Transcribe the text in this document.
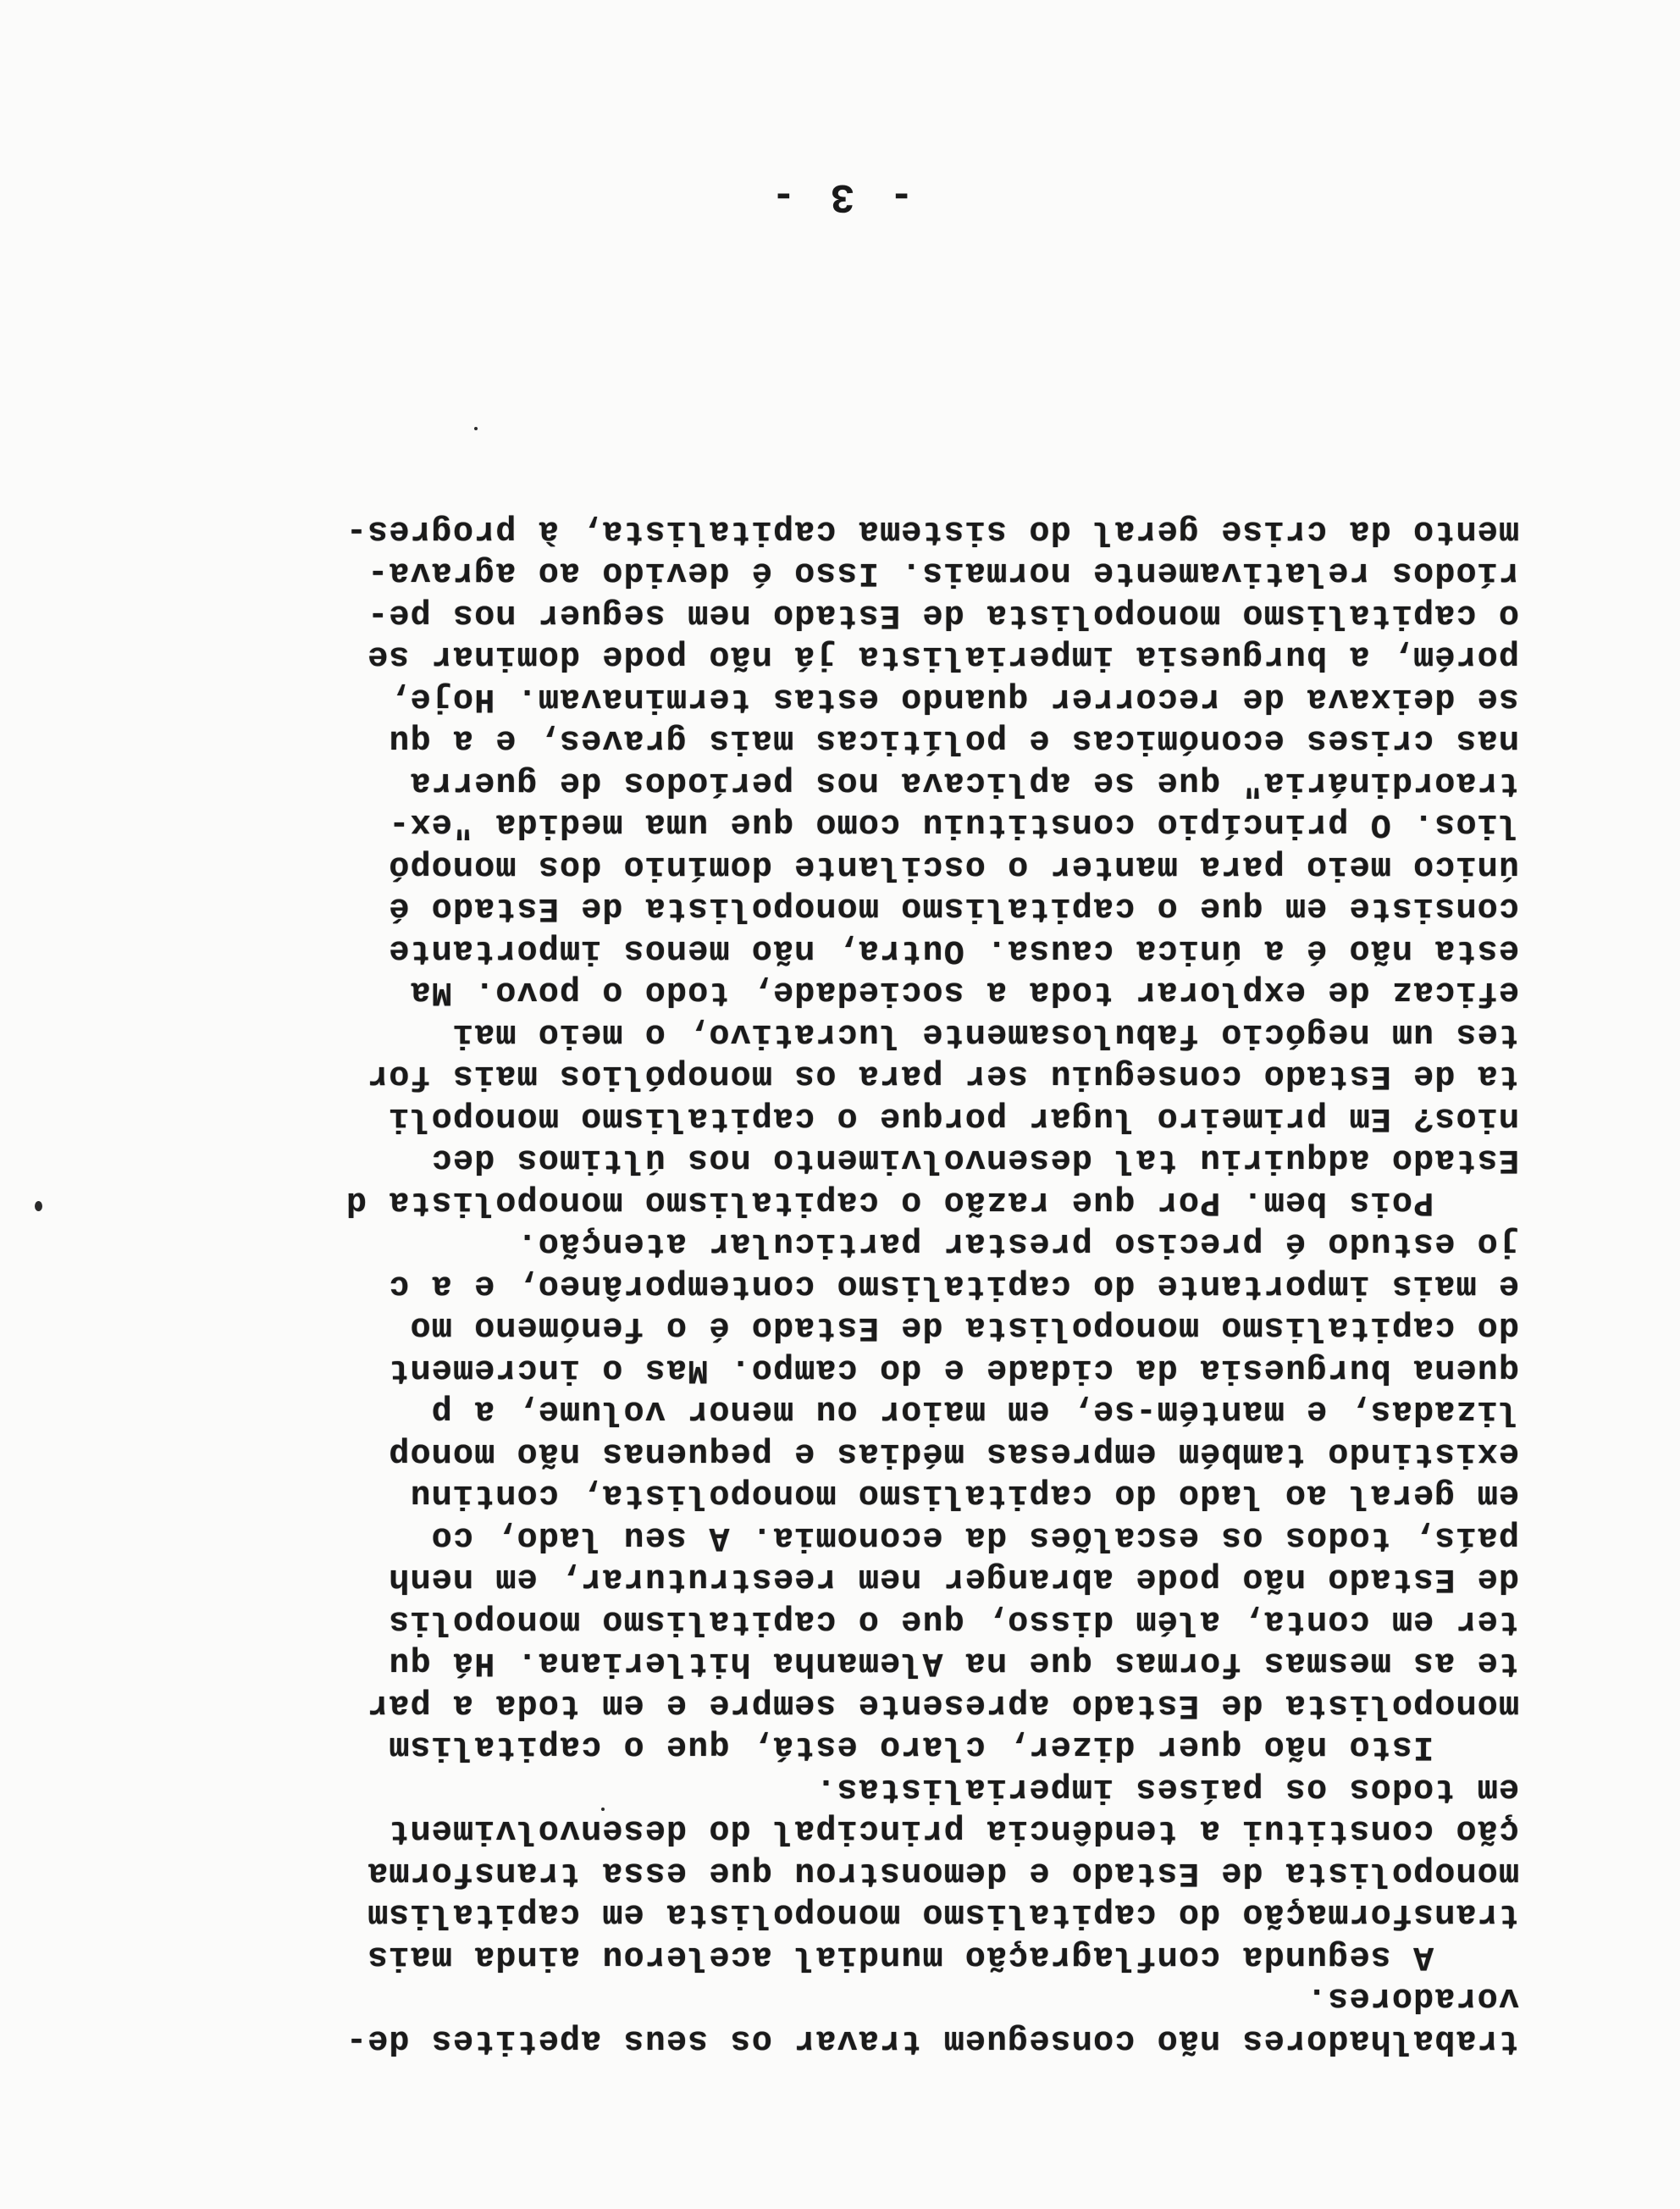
trabalhadores não conseguem travar os seus apetites de-
voradores.
A segunda conflagração mundial acelerou ainda mais
transformação do capitalismo monopolista em capitalism
monopolista de Estado e demonstrou que essa transforma
ção constitui a tendência principal do desenvolviment
em todos os países imperialistas.
Isto não quer dizer, claro está, que o capitalism
monopolista de Estado apresente sempre e em toda a par
te as mesmas formas que na Alemanha hitleriana. Há qu
ter em conta, além disso, que o capitalismo monopolis
de Estado não pode abranger nem reestruturar, em nenh
país, todos os escalões da economia. A seu lado, co
em geral ao lado do capitalismo monopolista, continu
existindo também empresas médias e pequenas não monop
lizadas, e mantém-se, em maior ou menor volume, a p
quena burguesia da cidade e do campo. Mas o increment
do capitalismo monopolista de Estado é o fenómeno mo
e mais importante do capitalismo contemporâneo, e a c
jo estudo é preciso prestar particular atenção.
Pois bem. Por que razão o capitalismo monopolista d
Estado adquiriu tal desenvolvimento nos últimos dec
nios? Em primeiro lugar porque o capitalismo monopoli
ta de Estado conseguiu ser para os monopólios mais for
tes um negócio fabulosamente lucrativo, o meio mai
eficaz de explorar toda a sociedade, todo o povo. Ma
esta não é a única causa. Outra, não menos importante
consiste em que o capitalismo monopolista de Estado é
único meio para manter o oscilante domínio dos monopó
lios. O princípio constituiu como que uma medida "ex-
traordinária" que se aplicava nos períodos de guerra
nas crises económicas e políticas mais graves, e a qu
se deixava de recorrer quando estas terminavam. Hoje,
porém, a burguesia imperialista já não pode dominar se
o capitalismo monopolista de Estado nem seguer nos pe-
ríodos relativamente normais. Isso é devido ao agrava-
mento da crise geral do sistema capitalista, à progres-
- 3 -
